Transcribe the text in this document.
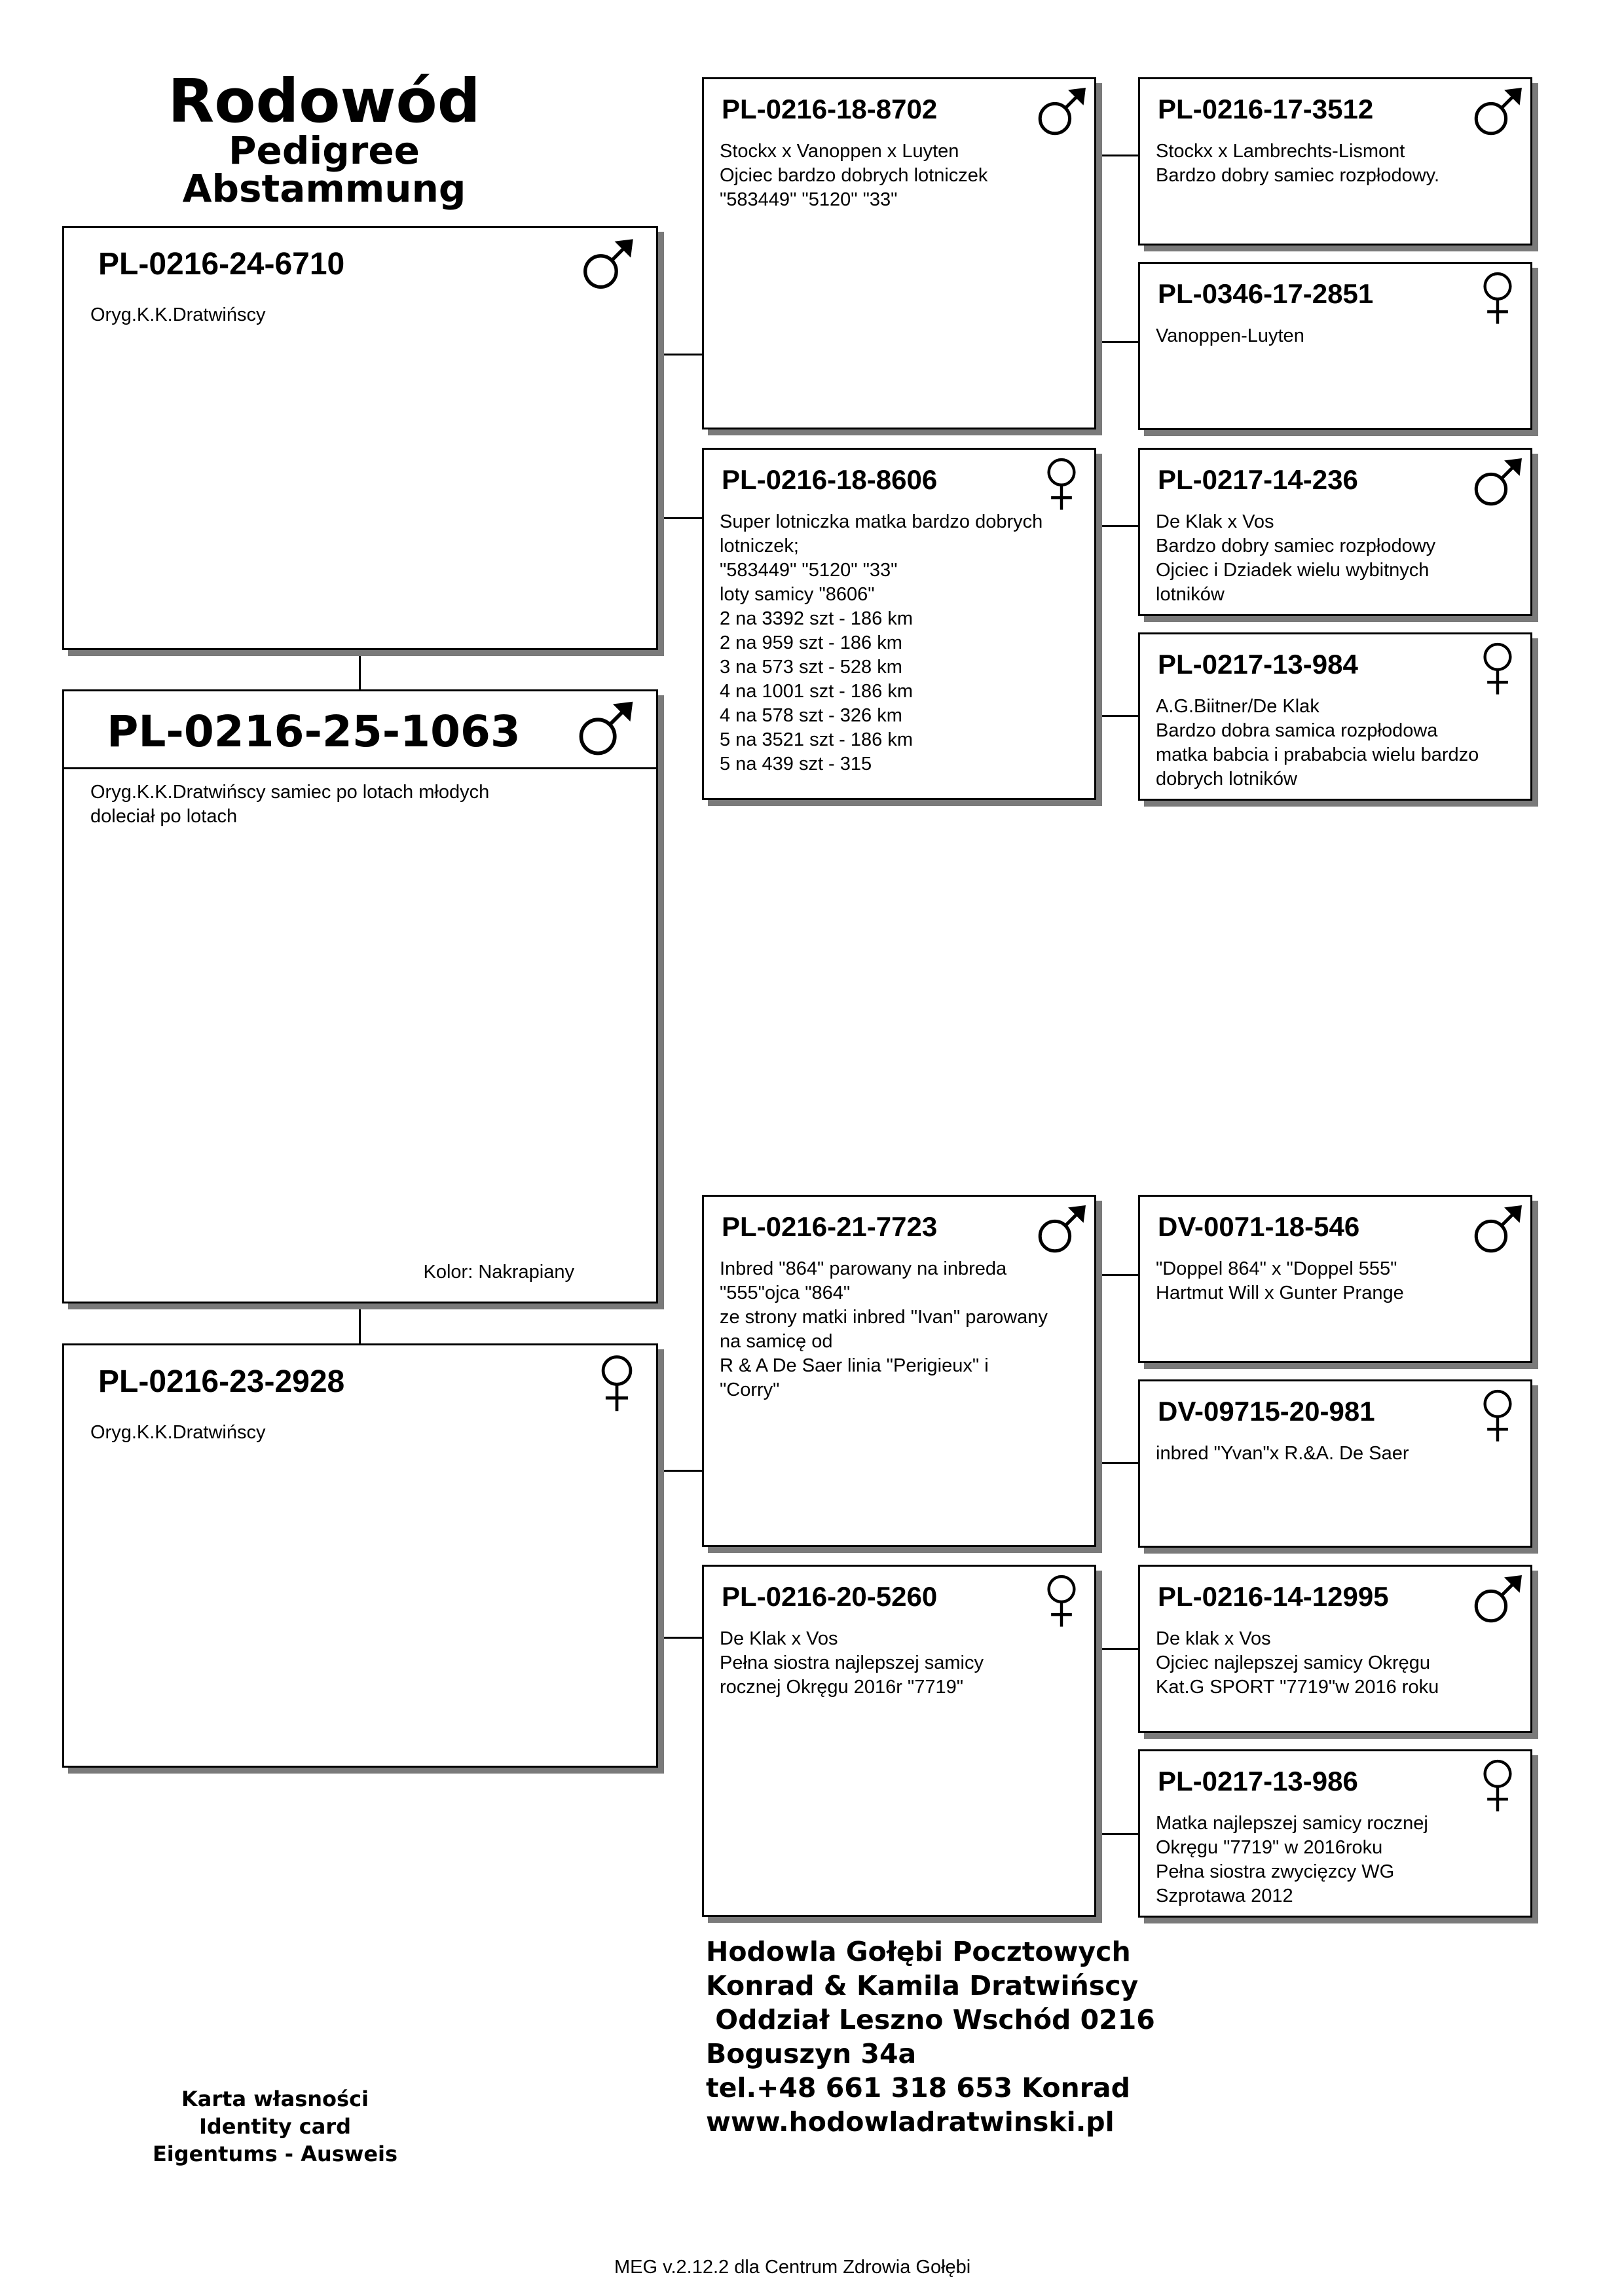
Rodowód
Pedigree
Abstammung
PL-0216-24-6710
Oryg.K.K.Dratwińscy
PL-0216-25-1063
Oryg.K.K.Dratwińscy samiec po lotach młodych
doleciał po lotach
Kolor: Nakrapiany
PL-0216-23-2928
Oryg.K.K.Dratwińscy
PL-0216-18-8702
Stockx x Vanoppen x Luyten
Ojciec bardzo dobrych lotniczek
"583449" "5120" "33"
PL-0216-18-8606
Super lotniczka matka bardzo dobrych
lotniczek;
"583449" "5120" "33"
loty samicy "8606"
2 na 3392 szt - 186 km
2 na 959 szt - 186 km
3 na 573 szt - 528 km
4 na 1001 szt - 186 km
4 na 578 szt - 326 km
5 na 3521 szt - 186 km
5 na 439 szt - 315
PL-0216-21-7723
Inbred "864" parowany na inbreda
"555"ojca "864"
ze strony matki inbred "Ivan" parowany
na samicę od
R & A De Saer linia "Perigieux" i
"Corry"
PL-0216-20-5260
De Klak x Vos
Pełna siostra najlepszej samicy
rocznej Okręgu 2016r "7719"
PL-0216-17-3512
Stockx x Lambrechts-Lismont
Bardzo dobry samiec rozpłodowy.
PL-0346-17-2851
Vanoppen-Luyten
PL-0217-14-236
De Klak x Vos
Bardzo dobry samiec rozpłodowy
Ojciec i Dziadek wielu wybitnych
lotników
PL-0217-13-984
A.G.Biitner/De Klak
Bardzo dobra samica rozpłodowa
matka babcia i prababcia wielu bardzo
dobrych lotników
DV-0071-18-546
"Doppel 864" x "Doppel 555"
Hartmut Will x Gunter Prange
DV-09715-20-981
inbred "Yvan"x R.&A. De Saer
PL-0216-14-12995
De klak x Vos
Ojciec najlepszej samicy Okręgu
Kat.G SPORT "7719"w 2016 roku
PL-0217-13-986
Matka najlepszej samicy rocznej
Okręgu "7719" w 2016roku
Pełna siostra zwycięzcy WG
Szprotawa 2012
Hodowla Gołębi Pocztowych
Konrad & Kamila Dratwińscy
Oddział Leszno Wschód 0216
Boguszyn 34a
tel.+48 661 318 653 Konrad
www.hodowladratwinski.pl
Karta własności
Identity card
Eigentums - Ausweis
MEG v.2.12.2 dla Centrum Zdrowia Gołębi
